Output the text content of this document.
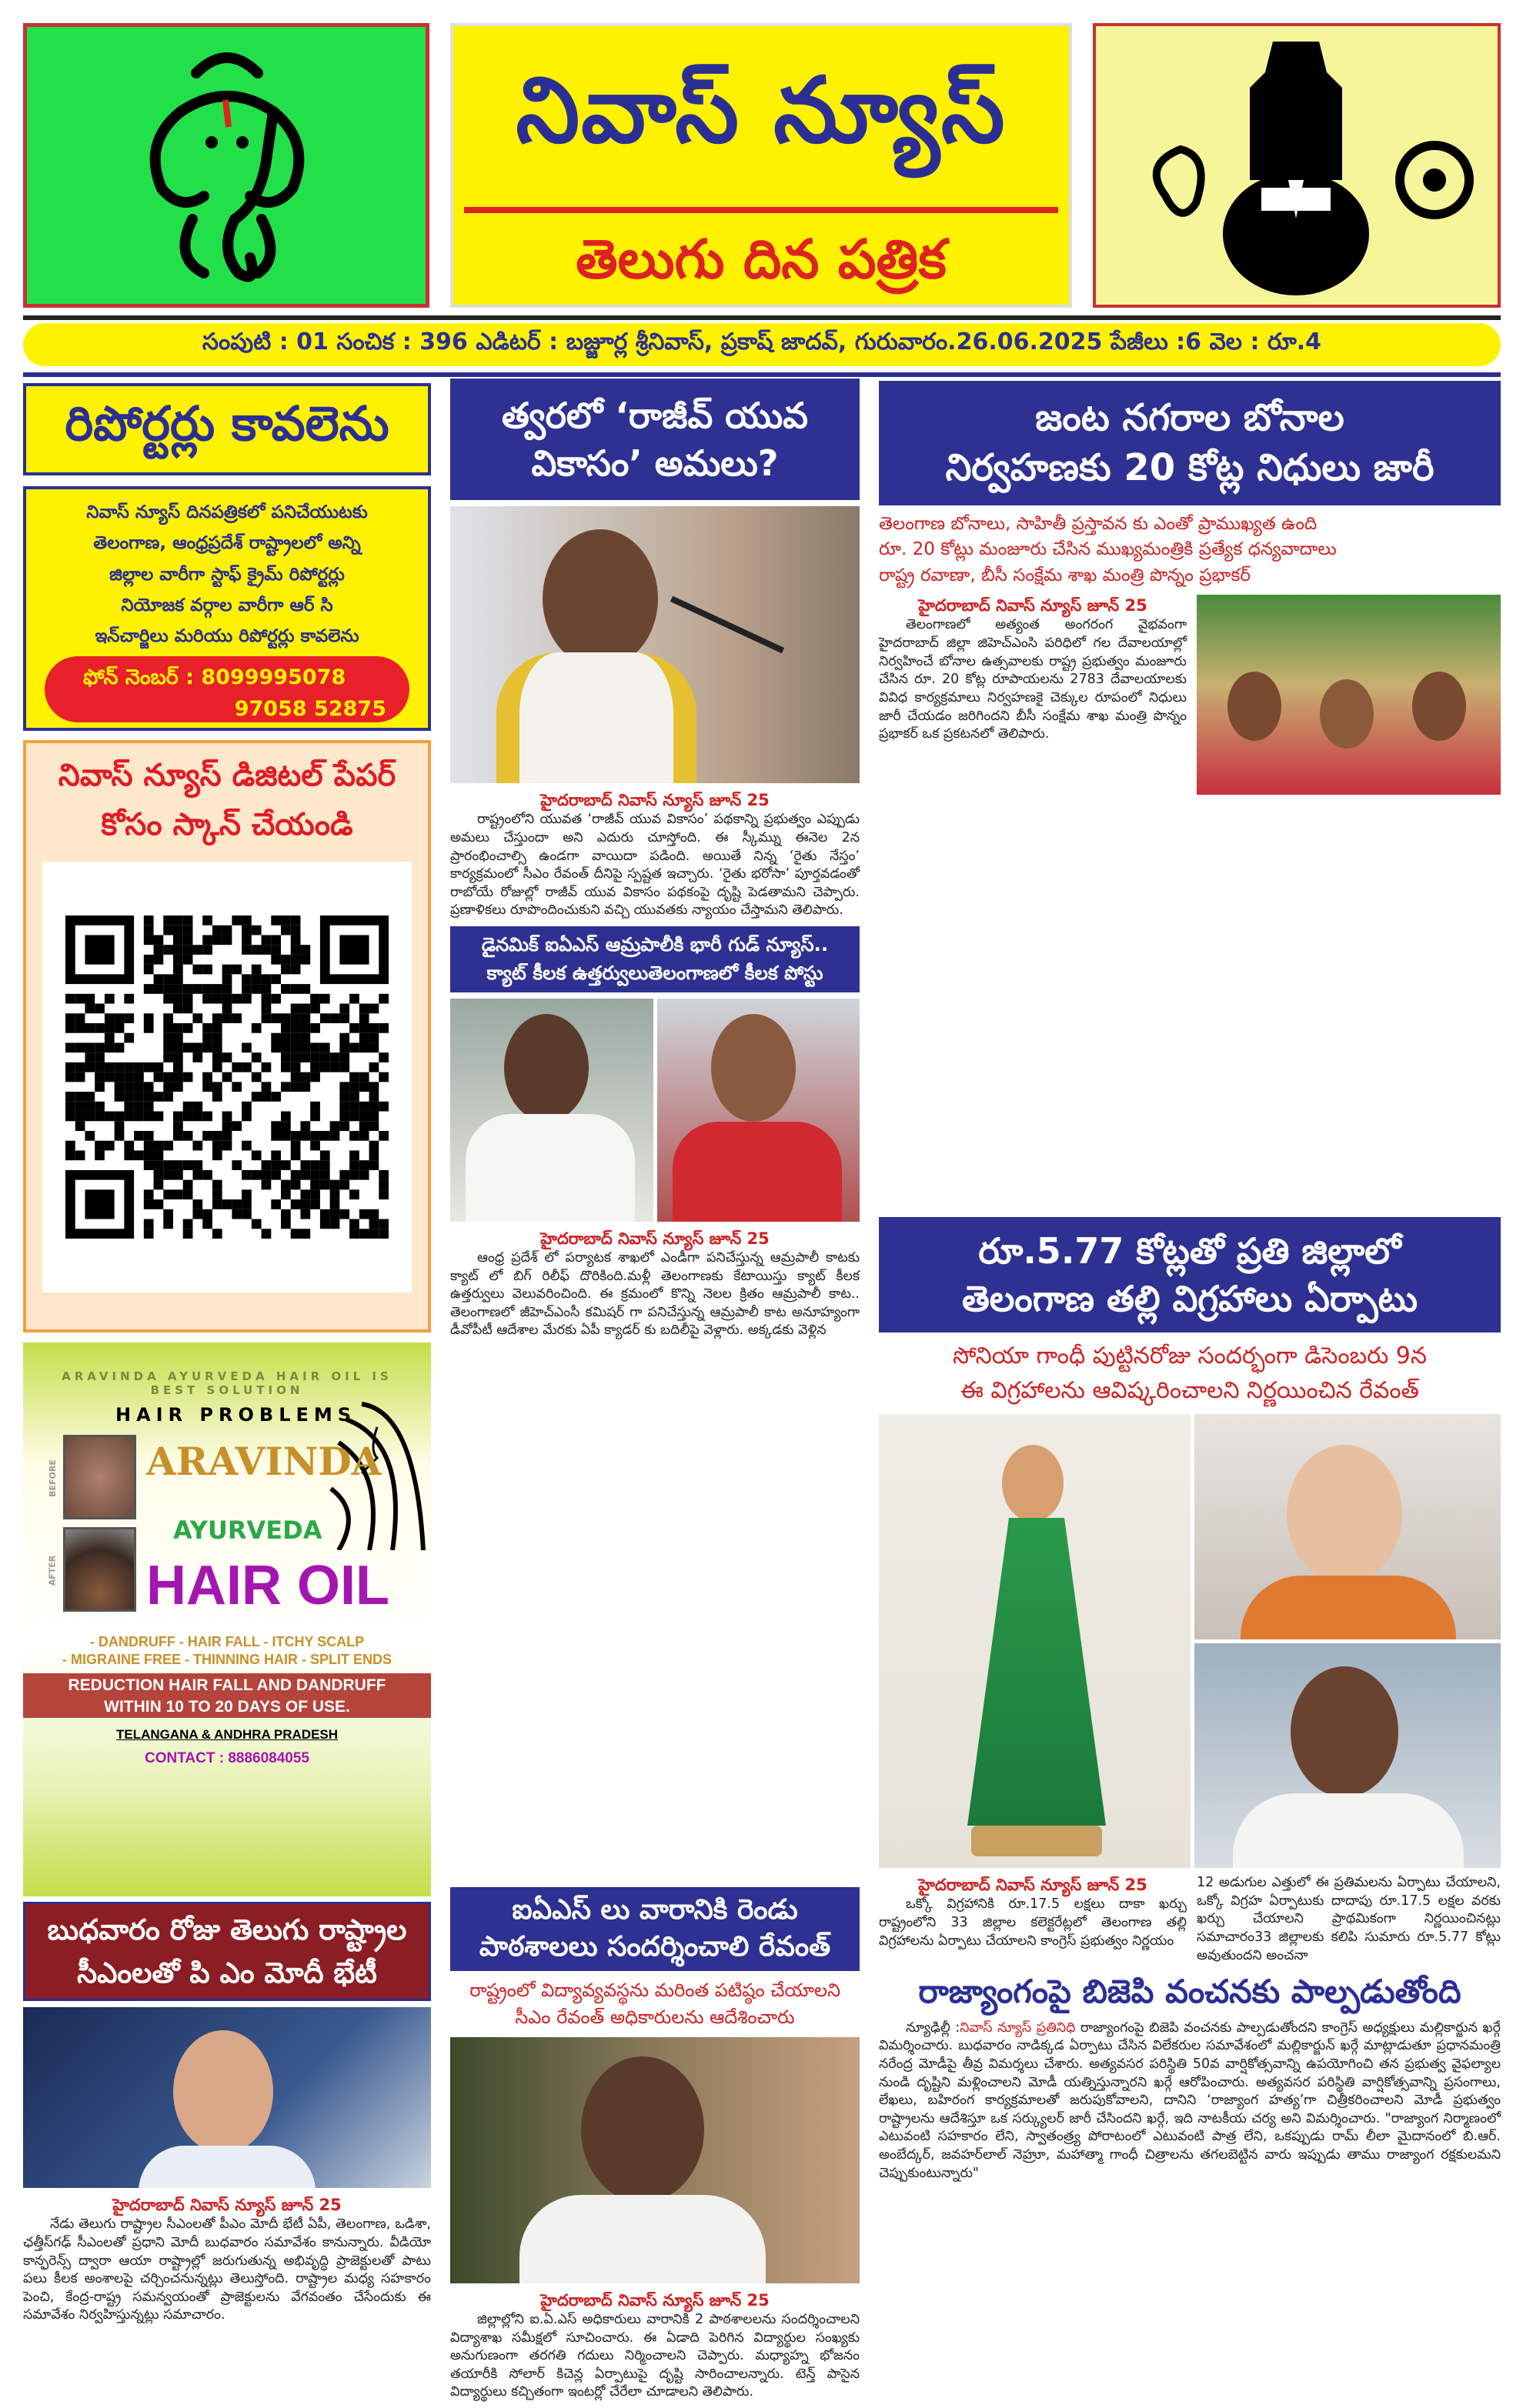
నివాస్ న్యూస్
తెలుగు దిన పత్రిక
సంపుటి : 01 సంచిక : 396 ఎడిటర్ : బజ్జూర్ల శ్రీనివాస్, ప్రకాష్ జాదవ్, గురువారం.26.06.2025 పేజీలు :6 వెల : రూ.4
రిపోర్టర్లు కావలెను
నివాస్ న్యూస్ దినపత్రికలో పనిచేయుటకు
తెలంగాణ, ఆంధ్రప్రదేశ్ రాష్ట్రాలలో అన్ని
జిల్లాల వారీగా స్టాఫ్ క్రైమ్ రిపోర్టర్లు
నియోజక వర్గాల వారీగా ఆర్ సి
ఇన్‌చార్జిలు మరియు రిపోర్టర్లు కావలెను
ఫోన్ నెంబర్ : 8099995078
97058 52875
నివాస్ న్యూస్ డిజిటల్ పేపర్
కోసం స్కాన్ చేయండి
ARAVINDA AYURVEDA HAIR OIL IS
BEST SOLUTION
HAIR PROBLEMS
BEFORE
AFTER
ARAVINDA
AYURVEDA
HAIR OIL
- DANDRUFF - HAIR FALL - ITCHY SCALP
- MIGRAINE FREE - THINNING HAIR - SPLIT ENDS
REDUCTION HAIR FALL AND DANDRUFF
WITHIN 10 TO 20 DAYS OF USE.
TELANGANA & ANDHRA PRADESH
CONTACT : 8886084055
బుధవారం రోజు తెలుగు రాష్ట్రాల
సీఎంలతో పి ఎం మోదీ భేటీ
హైదరాబాద్ నివాస్ న్యూస్ జూన్ 25
నేడు తెలుగు రాష్ట్రాల సీఎంలతో పీఎం మోదీ భేటీ ఏపీ, తెలంగాణ, ఒడిశా, ఛత్తీస్‌గఢ్ సీఎంలతో ప్రధాని మోదీ బుధవారం సమావేశం కానున్నారు. వీడియో కాన్ఫరెన్స్ ద్వారా ఆయా రాష్ట్రాల్లో జరుగుతున్న అభివృద్ధి ప్రాజెక్టులతో పాటు పలు కీలక అంశాలపై చర్చించనున్నట్లు తెలుస్తోంది. రాష్ట్రాల మధ్య సహకారం పెంచి, కేంద్ర-రాష్ట్ర సమన్వయంతో ప్రాజెక్టులను వేగవంతం చేసేందుకు ఈ సమావేశం నిర్వహిస్తున్నట్లు సమాచారం.
త్వరలో ‘రాజీవ్ యువ
వికాసం’ అమలు?
హైదరాబాద్ నివాస్ న్యూస్ జూన్ 25
రాష్ట్రంలోని యువత ‘రాజీవ్ యువ వికాసం’ పథకాన్ని ప్రభుత్వం ఎప్పుడు అమలు చేస్తుందా అని ఎదురు చూస్తోంది. ఈ స్కీమ్ను ఈనెల 2న ప్రారంభించాల్సి ఉండగా వాయిదా పడింది. అయితే నిన్న ‘రైతు నేస్తం’ కార్యక్రమంలో సీఎం రేవంత్ దీనిపై స్పష్టత ఇచ్చారు. ‘రైతు భరోసా’ పూర్తవడంతో రాబోయే రోజుల్లో రాజీవ్ యువ వికాసం పథకంపై దృష్టి పెడతామని చెప్పారు. ప్రణాళికలు రూపొందించుకుని వచ్చి యువతకు న్యాయం చేస్తామని తెలిపారు.
డైనమిక్ ఐఏఎస్ ఆమ్రపాలీకి భారీ గుడ్ న్యూస్..
క్యాట్ కీలక ఉత్తర్వులుతెలంగాణలో కీలక పోస్టు
హైదరాబాద్ నివాస్ న్యూస్ జూన్ 25
ఆంధ్ర ప్రదేశ్ లో పర్యాటక శాఖలో ఎండీగా పనిచేస్తున్న ఆమ్రపాలీ కాటకు క్యాట్ లో బిగ్ రిలీఫ్ దొరికింది.మళ్లీ తెలంగాణకు కేటాయిస్తు క్యాట్ కీలక ఉత్తర్వులు వెలువరించింది. ఈ క్రమంలో కొన్ని నెలల క్రితం ఆమ్రపాలీ కాట.. తెలంగాణలో జీహెచ్ఎంసీ కమిషర్ గా పనిచేస్తున్న ఆమ్రపాలీ కాట అనూహ్యంగా డీవోపీటీ ఆదేశాల మేరకు ఏపీ క్యాడర్ కు బదిలీపై వెళ్లారు. అక్కడకు వెళ్లిన
ఐఏఎస్ లు వారానికి రెండు
పాఠశాలలు సందర్శించాలి రేవంత్
రాష్ట్రంలో విద్యావ్యవస్థను మరింత పటిష్ఠం చేయాలని
సీఎం రేవంత్ అధికారులను ఆదేశించారు
హైదరాబాద్ నివాస్ న్యూస్ జూన్ 25
జిల్లాల్లోని ఐ.ఏ.ఎస్ అధికారులు వారానికి 2 పాఠశాలలను సందర్శించాలని విద్యాశాఖ సమీక్షలో సూచించారు. ఈ ఏడాది పెరిగిన విద్యార్థుల సంఖ్యకు అనుగుణంగా తరగతి గదులు నిర్మించాలని చెప్పారు. మధ్యాహ్న భోజనం తయారీకి సోలార్ కిచెన్ల ఏర్పాటుపై దృష్టి సారించాలన్నారు. టెన్త్ పాసైన విద్యార్థులు కచ్చితంగా ఇంటర్లో చేరేలా చూడాలని తెలిపారు.
జంట నగరాల బోనాల
నిర్వహణకు 20 కోట్ల నిధులు జారీ
తెలంగాణ బోనాలు, సాహితీ ప్రస్తావన కు ఎంతో ప్రాముఖ్యత ఉంది
రూ. 20 కోట్లు మంజూరు చేసిన ముఖ్యమంత్రికి ప్రత్యేక ధన్యవాదాలు
రాష్ట్ర రవాణా, బీసీ సంక్షేమ శాఖ మంత్రి పొన్నం ప్రభాకర్
హైదరాబాద్ నివాస్ న్యూస్ జూన్ 25
తెలంగాణలో అత్యంత అంగరంగ వైభవంగా హైదరాబాద్ జిల్లా జిహెచ్ఎంసి పరిధిలో గల దేవాలయాల్లో నిర్వహించే బోనాల ఉత్సవాలకు రాష్ట్ర ప్రభుత్వం మంజూరు చేసిన రూ. 20 కోట్ల రూపాయలను 2783 దేవాలయాలకు వివిధ కార్యక్రమాలు నిర్వహణకై చెక్కుల రూపంలో నిధులు జారీ చేయడం జరిగిందని బీసీ సంక్షేమ శాఖ మంత్రి పొన్నం ప్రభాకర్ ఒక ప్రకటనలో తెలిపారు.
రూ.5.77 కోట్లతో ప్రతి జిల్లాలో
తెలంగాణ తల్లి విగ్రహాలు ఏర్పాటు
సోనియా గాంధీ పుట్టినరోజు సందర్భంగా డిసెంబరు 9న
ఈ విగ్రహాలను ఆవిష్కరించాలని నిర్ణయించిన రేవంత్
హైదరాబాద్ నివాస్ న్యూస్ జూన్ 25
ఒక్కో విగ్రహానికి రూ.17.5 లక్షలు దాకా ఖర్చు రాష్ట్రంలోని 33 జిల్లాల కలెక్టరేట్లలో తెలంగాణ తల్లి విగ్రహాలను ఏర్పాటు చేయాలని కాంగ్రెస్ ప్రభుత్వం నిర్ణయం
12 అడుగుల ఎత్తులో ఈ ప్రతిమలను ఏర్పాటు చేయాలని, ఒక్కో విగ్రహ ఏర్పాటుకు దాదాపు రూ.17.5 లక్షల వరకు ఖర్చు చేయాలని ప్రాథమికంగా నిర్ణయించినట్లు సమాచారం33 జిల్లాలకు కలిపి సుమారు రూ.5.77 కోట్లు అవుతుందని అంచనా
రాజ్యాంగంపై బిజెపి వంచనకు పాల్పడుతోంది
న్యూఢిల్లీ :నివాస్ న్యూస్ ప్రతినిధి రాజ్యాంగంపై బిజెపి వంచనకు పాల్పడుతోందని కాంగ్రెస్ అధ్యక్షులు మల్లికార్జున ఖర్గే విమర్శించారు. బుధవారం నాడిక్కడ ఏర్పాటు చేసిన విలేకరుల సమావేశంలో మల్లికార్జున్ ఖర్గే మాట్లాడుతూ ప్రధానమంత్రి నరేంద్ర మోడీపై తీవ్ర విమర్శలు చేశారు. అత్యవసర పరిస్థితి 50వ వార్షికోత్సవాన్ని ఉపయోగించి తన ప్రభుత్వ వైఫల్యాల నుండి దృష్టిని మళ్లించాలని మోడీ యత్నిస్తున్నారని ఖర్గే ఆరోపించారు. అత్యవసర పరిస్థితి వార్షికోత్సవాన్ని ప్రసంగాలు, లేఖలు, బహిరంగ కార్యక్రమాలతో జరుపుకోవాలని, దానిని ‘రాజ్యాంగ హత్య’గా చిత్రీకరించాలని మోడీ ప్రభుత్వం రాష్ట్రాలను ఆదేశిస్తూ ఒక సర్క్యులర్ జారీ చేసిందని ఖర్గే, ఇది నాటకీయ చర్య అని విమర్శించారు. "రాజ్యాంగ నిర్మాణంలో ఎటువంటి సహకారం లేని, స్వాతంత్ర్య పోరాటంలో ఎటువంటి పాత్ర లేని, ఒకప్పుడు రామ్ లీలా మైదానంలో బి.ఆర్. అంబేద్కర్, జవహర్‌లాల్ నెహ్రూ, మహాత్మా గాంధీ చిత్రాలను తగలబెట్టిన వారు ఇప్పుడు తాము రాజ్యాంగ రక్షకులమని చెప్పుకుంటున్నారు"
